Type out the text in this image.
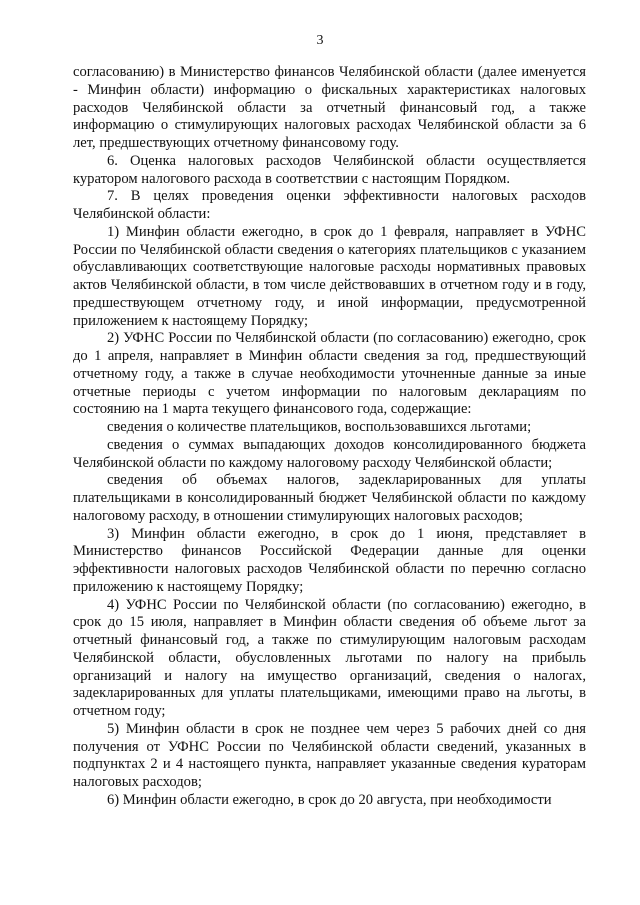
3

согласованию) в Министерство финансов Челябинской области (далее именуется - Минфин области) информацию о фискальных характеристиках налоговых расходов Челябинской области за отчетный финансовый год, а также информацию о стимулирующих налоговых расходах Челябинской области за 6 лет, предшествующих отчетному финансовому году.

6. Оценка налоговых расходов Челябинской области осуществляется куратором налогового расхода в соответствии с настоящим Порядком.

7. В целях проведения оценки эффективности налоговых расходов Челябинской области:

1) Минфин области ежегодно, в срок до 1 февраля, направляет в УФНС России по Челябинской области сведения о категориях плательщиков с указанием обуславливающих соответствующие налоговые расходы нормативных правовых актов Челябинской области, в том числе действовавших в отчетном году и в году, предшествующем отчетному году, и иной информации, предусмотренной приложением к настоящему Порядку;

2) УФНС России по Челябинской области (по согласованию) ежегодно, срок до 1 апреля, направляет в Минфин области сведения за год, предшествующий отчетному году, а также в случае необходимости уточненные данные за иные отчетные периоды с учетом информации по налоговым декларациям по состоянию на 1 марта текущего финансового года, содержащие:

сведения о количестве плательщиков, воспользовавшихся льготами;

сведения о суммах выпадающих доходов консолидированного бюджета Челябинской области по каждому налоговому расходу Челябинской области;

сведения об объемах налогов, задекларированных для уплаты плательщиками в консолидированный бюджет Челябинской области по каждому налоговому расходу, в отношении стимулирующих налоговых расходов;

3) Минфин области ежегодно, в срок до 1 июня, представляет в Министерство финансов Российской Федерации данные для оценки эффективности налоговых расходов Челябинской области по перечню согласно приложению к настоящему Порядку;

4) УФНС России по Челябинской области (по согласованию) ежегодно, в срок до 15 июля, направляет в Минфин области сведения об объеме льгот за отчетный финансовый год, а также по стимулирующим налоговым расходам Челябинской области, обусловленных льготами по налогу на прибыль организаций и налогу на имущество организаций, сведения о налогах, задекларированных для уплаты плательщиками, имеющими право на льготы, в отчетном году;

5) Минфин области в срок не позднее чем через 5 рабочих дней со дня получения от УФНС России по Челябинской области сведений, указанных в подпунктах 2 и 4 настоящего пункта, направляет указанные сведения кураторам налоговых расходов;

6) Минфин области ежегодно, в срок до 20 августа, при необходимости
